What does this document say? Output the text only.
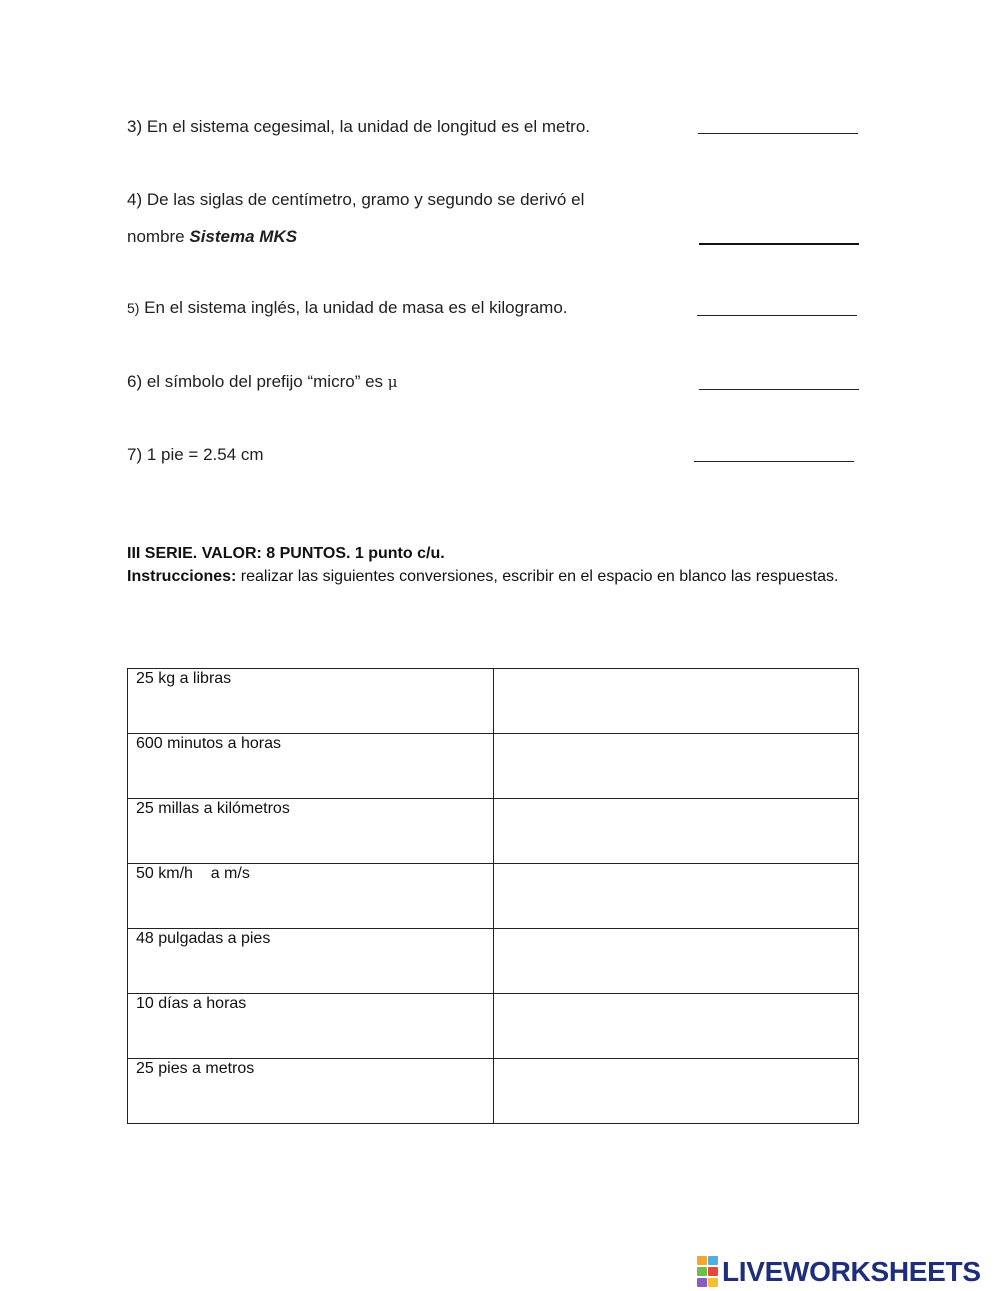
3) En el sistema cegesimal, la unidad de longitud es el metro.
4) De las siglas de centímetro, gramo y segundo se derivó el
nombre Sistema MKS
5) En el sistema inglés, la unidad de masa es el kilogramo.
6) el símbolo del prefijo “micro” es μ
7) 1 pie = 2.54 cm
III SERIE. VALOR: 8 PUNTOS. 1 punto c/u.
Instrucciones: realizar las siguientes conversiones, escribir en el espacio en blanco las respuestas.
25 kg a libras	
600 minutos a horas	
25 millas a kilómetros	
50 km/h    a m/s	
48 pulgadas a pies	
10 días a horas	
25 pies a metros	
LIVEWORKSHEETS
